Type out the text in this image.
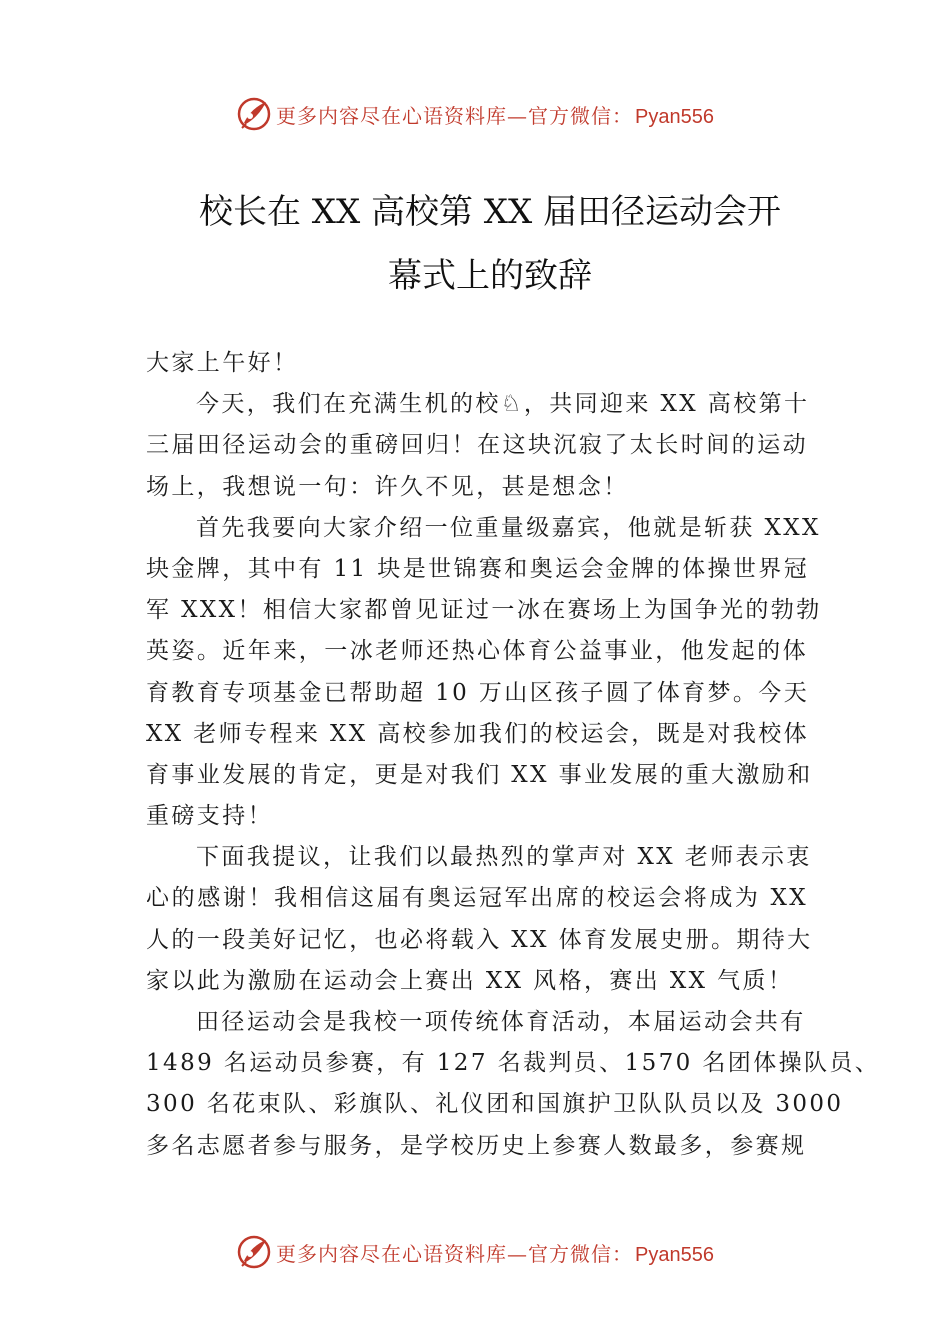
更多内容尽在心语资料库—官方微信： Pyan556
校长在 XX 高校第 XX 届田径运动会开
幕式上的致辞
大家上午好！
今天，我们在充满生机的校♘，共同迎来 XX 高校第十
三届田径运动会的重磅回归！在这块沉寂了太长时间的运动
场上，我想说一句：许久不见，甚是想念！
首先我要向大家介绍一位重量级嘉宾，他就是斩获 XXX
块金牌，其中有 11 块是世锦赛和奥运会金牌的体操世界冠
军 XXX！相信大家都曾见证过一冰在赛场上为国争光的勃勃
英姿。近年来，一冰老师还热心体育公益事业，他发起的体
育教育专项基金已帮助超 10 万山区孩子圆了体育梦。今天
XX 老师专程来 XX 高校参加我们的校运会，既是对我校体
育事业发展的肯定，更是对我们 XX 事业发展的重大激励和
重磅支持！
下面我提议，让我们以最热烈的掌声对 XX 老师表示衷
心的感谢！我相信这届有奥运冠军出席的校运会将成为 XX
人的一段美好记忆，也必将载入 XX 体育发展史册。期待大
家以此为激励在运动会上赛出 XX 风格，赛出 XX 气质！
田径运动会是我校一项传统体育活动，本届运动会共有
1489 名运动员参赛，有 127 名裁判员、1570 名团体操队员、
300 名花束队、彩旗队、礼仪团和国旗护卫队队员以及 3000
多名志愿者参与服务，是学校历史上参赛人数最多，参赛规
更多内容尽在心语资料库—官方微信： Pyan556
